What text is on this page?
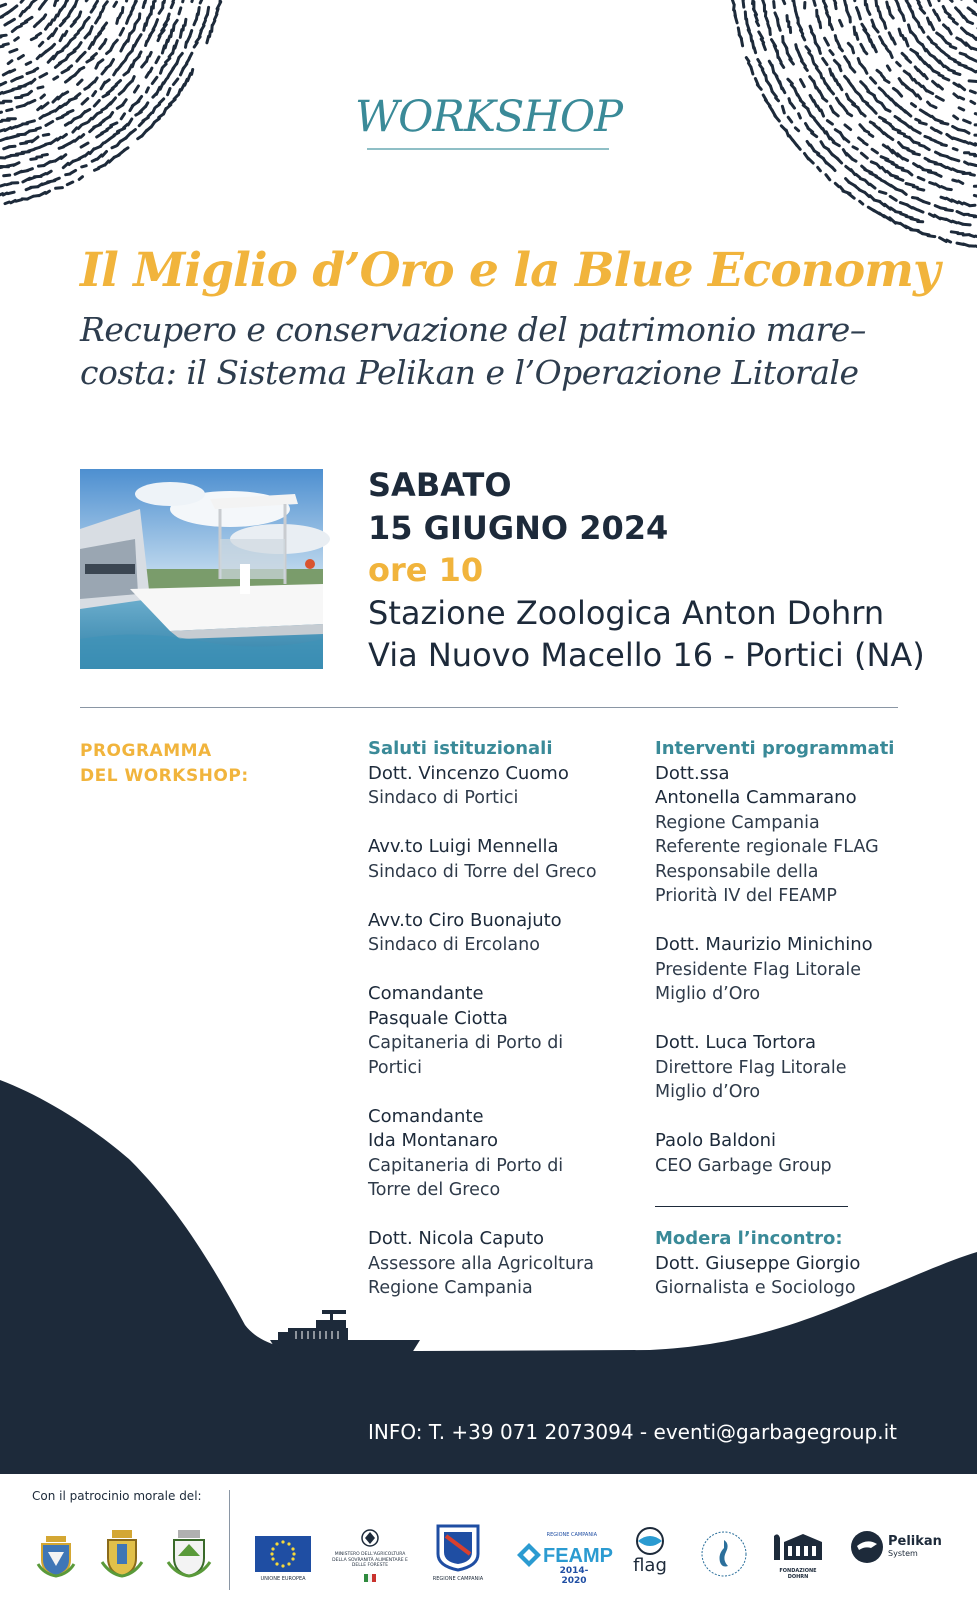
WORKSHOP
Il Miglio d’Oro e la Blue Economy
Recupero e conservazione del patrimonio mare–
costa: il Sistema Pelikan e l’Operazione Litorale
SABATO
15 GIUGNO 2024
ore 10
Stazione Zoologica Anton Dohrn
Via Nuovo Macello 16 - Portici (NA)
PROGRAMMA
DEL WORKSHOP:
Saluti istituzionali
Dott. Vincenzo Cuomo
Sindaco di Portici
Avv.to Luigi Mennella
Sindaco di Torre del Greco
Avv.to Ciro Buonajuto
Sindaco di Ercolano
Comandante
Pasquale Ciotta
Capitaneria di Porto di
Portici
Comandante
Ida Montanaro
Capitaneria di Porto di
Torre del Greco
Dott. Nicola Caputo
Assessore alla Agricoltura
Regione Campania
Interventi programmati
Dott.ssa
Antonella Cammarano
Regione Campania
Referente regionale FLAG
Responsabile della
Priorità IV del FEAMP
Dott. Maurizio Minichino
Presidente Flag Litorale
Miglio d’Oro
Dott. Luca Tortora
Direttore Flag Litorale
Miglio d’Oro
Paolo Baldoni
CEO Garbage Group
Modera l’incontro:
Dott. Giuseppe Giorgio
Giornalista e Sociologo
INFO: T. +39 071 2073094 - eventi@garbagegroup.it
Con il patrocinio morale del:
UNIONE EUROPEA
MINISTERO DELL'AGRICOLTURA DELLA SOVRANITÀ ALIMENTARE E DELLE FORESTE
REGIONE CAMPANIA
REGIONE CAMPANIA
FEAMP
2014-2020
flag	FONDAZIONE DOHRN
Pelikan
System
